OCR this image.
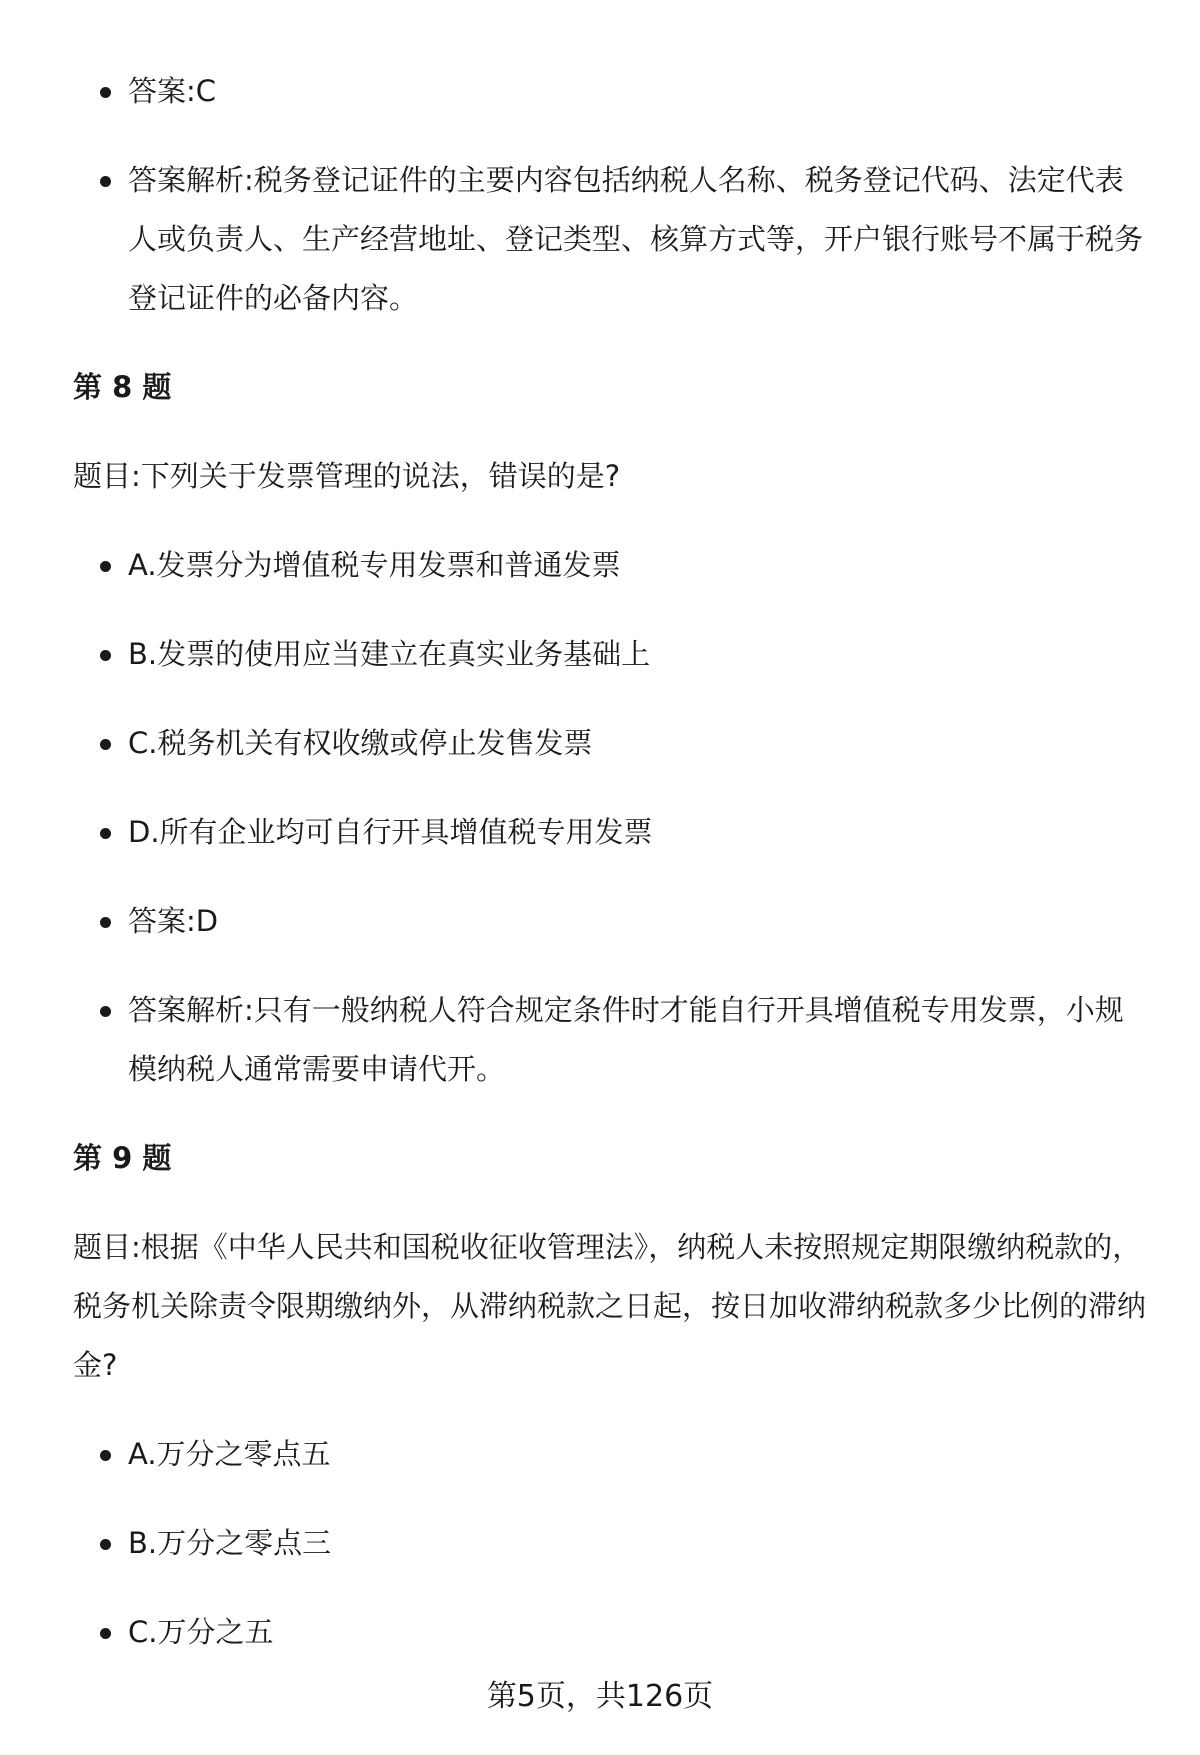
答案:C

答案解析:税务登记证件的主要内容包括纳税人名称、税务登记代码、法定代表人或负责人、生产经营地址、登记类型、核算方式等，开户银行账号不属于税务登记证件的必备内容。

第 8 题

题目:下列关于发票管理的说法，错误的是?

A.发票分为增值税专用发票和普通发票

B.发票的使用应当建立在真实业务基础上

C.税务机关有权收缴或停止发售发票

D.所有企业均可自行开具增值税专用发票

答案:D

答案解析:只有一般纳税人符合规定条件时才能自行开具增值税专用发票，小规模纳税人通常需要申请代开。

第 9 题

题目:根据《中华人民共和国税收征收管理法》，纳税人未按照规定期限缴纳税款的，税务机关除责令限期缴纳外，从滞纳税款之日起，按日加收滞纳税款多少比例的滞纳金?

A.万分之零点五

B.万分之零点三

C.万分之五

第5页，共126页
